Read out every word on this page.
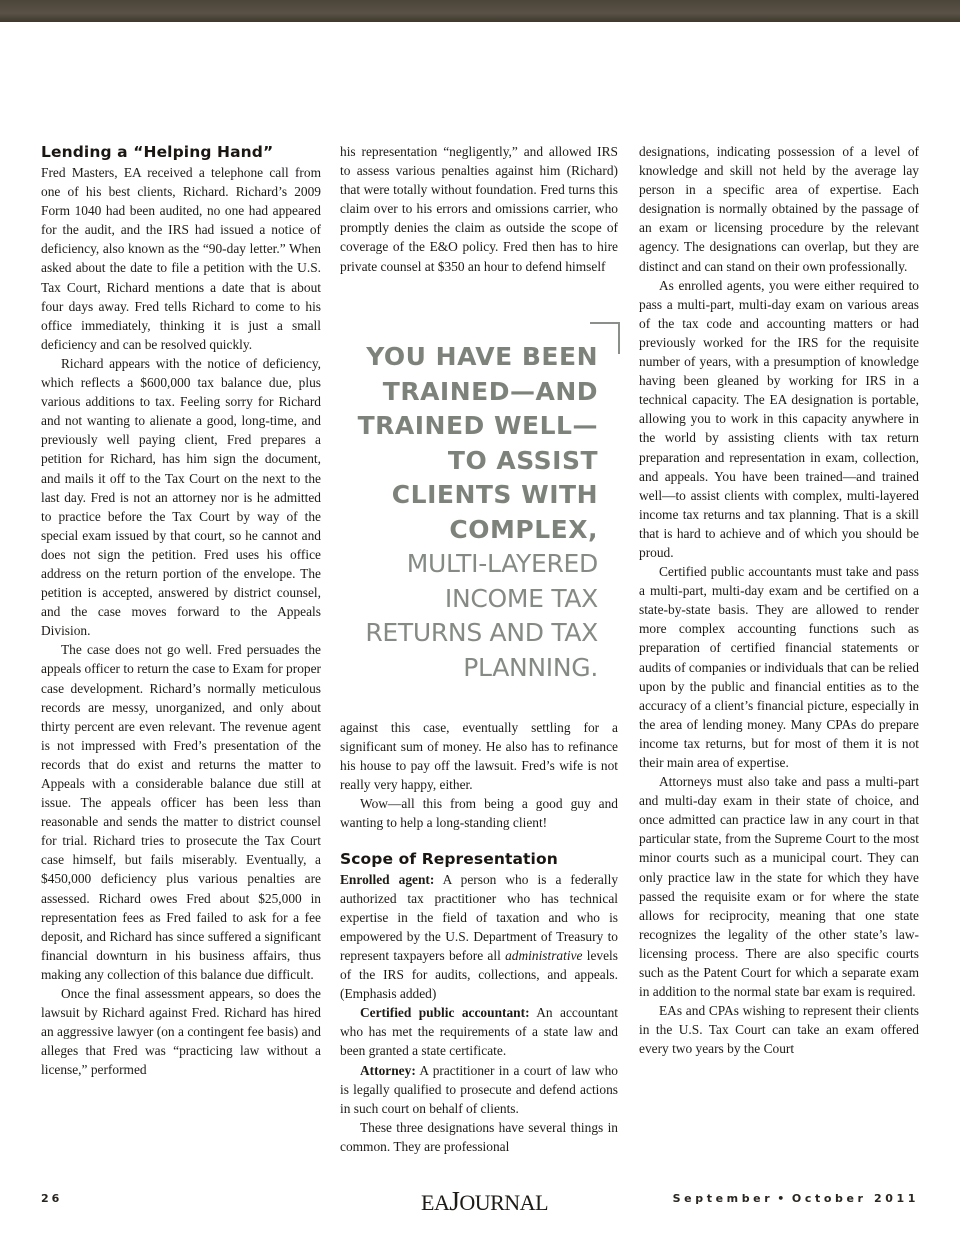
Lending a “Helping Hand”

Fred Masters, EA received a telephone call from one of his best clients, Richard. Richard’s 2009 Form 1040 had been audited, no one had appeared for the audit, and the IRS had issued a notice of deficiency, also known as the “90-day letter.” When asked about the date to file a petition with the U.S. Tax Court, Richard mentions a date that is about four days away. Fred tells Richard to come to his office immediately, thinking it is just a small deficiency and can be resolved quickly.

Richard appears with the notice of deficiency, which reflects a $600,000 tax balance due, plus various additions to tax. Feeling sorry for Richard and not wanting to alienate a good, long-time, and previously well paying client, Fred prepares a petition for Richard, has him sign the document, and mails it off to the Tax Court on the next to the last day. Fred is not an attorney nor is he admitted to practice before the Tax Court by way of the special exam issued by that court, so he cannot and does not sign the petition. Fred uses his office address on the return portion of the envelope. The petition is accepted, answered by district counsel, and the case moves forward to the Appeals Division.

The case does not go well. Fred persuades the appeals officer to return the case to Exam for proper case development. Richard’s normally meticulous records are messy, unorganized, and only about thirty percent are even relevant. The revenue agent is not impressed with Fred’s presentation of the records that do exist and returns the matter to Appeals with a considerable balance due still at issue. The appeals officer has been less than reasonable and sends the matter to district counsel for trial. Richard tries to prosecute the Tax Court case himself, but fails miserably. Eventually, a $450,000 deficiency plus various penalties are assessed. Richard owes Fred about $25,000 in representation fees as Fred failed to ask for a fee deposit, and Richard has since suffered a significant financial downturn in his business affairs, thus making any collection of this balance due difficult.

Once the final assessment appears, so does the lawsuit by Richard against Fred. Richard has hired an aggressive lawyer (on a contingent fee basis) and alleges that Fred was “practicing law without a license,” performed

his representation “negligently,” and allowed IRS to assess various penalties against him (Richard) that were totally without foundation. Fred turns this claim over to his errors and omissions carrier, who promptly denies the claim as outside the scope of coverage of the E&O policy. Fred then has to hire private counsel at $350 an hour to defend himself

YOU HAVE BEEN
TRAINED—AND
TRAINED WELL—
TO ASSIST
CLIENTS WITH
COMPLEX,
MULTI-LAYERED
INCOME TAX
RETURNS AND TAX
PLANNING.

against this case, eventually settling for a significant sum of money. He also has to refinance his house to pay off the lawsuit. Fred’s wife is not really very happy, either.

Wow—all this from being a good guy and wanting to help a long-standing client!

Scope of Representation

Enrolled agent: A person who is a federally authorized tax practitioner who has technical expertise in the field of taxation and who is empowered by the U.S. Department of Treasury to represent taxpayers before all administrative levels of the IRS for audits, collections, and appeals. (Emphasis added)

Certified public accountant: An accountant who has met the requirements of a state law and been granted a state certificate.

Attorney: A practitioner in a court of law who is legally qualified to prosecute and defend actions in such court on behalf of clients.

These three designations have several things in common. They are professional

designations, indicating possession of a level of knowledge and skill not held by the average lay person in a specific area of expertise. Each designation is normally obtained by the passage of an exam or licensing procedure by the relevant agency. The designations can overlap, but they are distinct and can stand on their own professionally.

As enrolled agents, you were either required to pass a multi-part, multi-day exam on various areas of the tax code and accounting matters or had previously worked for the IRS for the requisite number of years, with a presumption of knowledge having been gleaned by working for IRS in a technical capacity. The EA designation is portable, allowing you to work in this capacity anywhere in the world by assisting clients with tax return preparation and representation in exam, collection, and appeals. You have been trained—and trained well—to assist clients with complex, multi-layered income tax returns and tax planning. That is a skill that is hard to achieve and of which you should be proud.

Certified public accountants must take and pass a multi-part, multi-day exam and be certified on a state-by-state basis. They are allowed to render more complex accounting functions such as preparation of certified financial statements or audits of companies or individuals that can be relied upon by the public and financial entities as to the accuracy of a client’s financial picture, especially in the area of lending money. Many CPAs do prepare income tax returns, but for most of them it is not their main area of expertise.

Attorneys must also take and pass a multi-part and multi-day exam in their state of choice, and once admitted can practice law in any court in that particular state, from the Supreme Court to the most minor courts such as a municipal court. They can only practice law in the state for which they have passed the requisite exam or for where the state allows for reciprocity, meaning that one state recognizes the legality of the other state’s law-licensing process. There are also specific courts such as the Patent Court for which a separate exam in addition to the normal state bar exam is required.

EAs and CPAs wishing to represent their clients in the U.S. Tax Court can take an exam offered every two years by the Court

26	EAJOURNAL	September • October 2011
